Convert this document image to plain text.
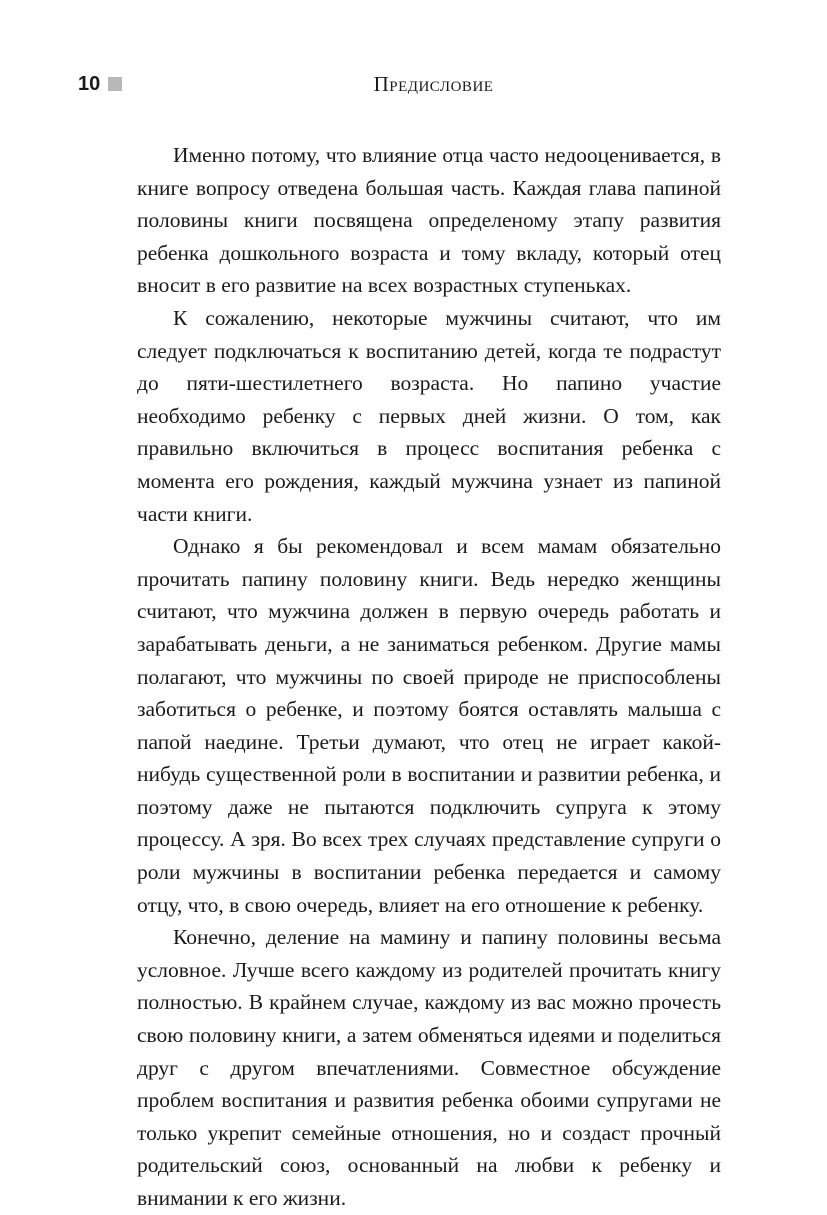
10	Предисловие

Именно потому, что влияние отца часто недооценивается, в книге вопросу отведена большая часть. Каждая глава папиной половины книги посвящена определеному этапу развития ребенка дошкольного возраста и тому вкладу, который отец вносит в его развитие на всех возрастных ступеньках.

К сожалению, некоторые мужчины считают, что им следует подключаться к воспитанию детей, когда те подрастут до пяти-шестилетнего возраста. Но папино участие необходимо ребенку с первых дней жизни. О том, как правильно включиться в процесс воспитания ребенка с момента его рождения, каждый мужчина узнает из папиной части книги.

Однако я бы рекомендовал и всем мамам обязательно прочитать папину половину книги. Ведь нередко женщины считают, что мужчина должен в первую очередь работать и зарабатывать деньги, а не заниматься ребенком. Другие мамы полагают, что мужчины по своей природе не приспособлены заботиться о ребенке, и поэтому боятся оставлять малыша с папой наедине. Третьи думают, что отец не играет какой-нибудь существенной роли в воспитании и развитии ребенка, и поэтому даже не пытаются подключить супруга к этому процессу. А зря. Во всех трех случаях представление супруги о роли мужчины в воспитании ребенка передается и самому отцу, что, в свою очередь, влияет на его отношение к ребенку.

Конечно, деление на мамину и папину половины весьма условное. Лучше всего каждому из родителей прочитать книгу полностью. В крайнем случае, каждому из вас можно прочесть свою половину книги, а затем обменяться идеями и поделиться друг с другом впечатлениями. Совместное обсуждение проблем воспитания и развития ребенка обоими супругами не только укрепит семейные отношения, но и создаст прочный родительский союз, основанный на любви к ребенку и внимании к его жизни.
